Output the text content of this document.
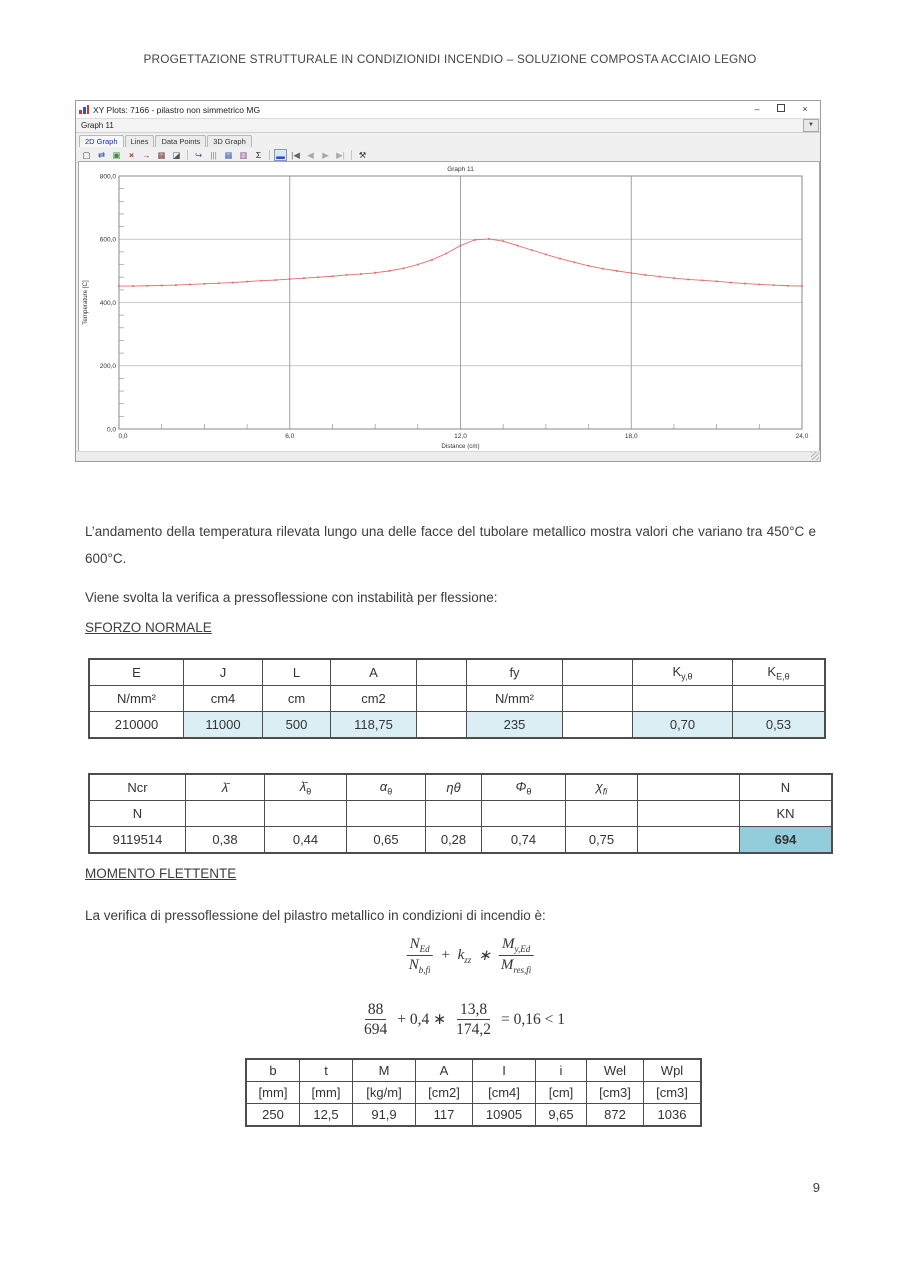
PROGETTAZIONE STRUTTURALE IN CONDIZIONIDI INCENDIO – SOLUZIONE COMPOSTA ACCIAIO LEGNO
XY Plots: 7166 - pilastro non simmetrico MG	–	×
Graph 11	▼
2D Graph	Lines	Data Points	3D Graph
▢ ⇄ ▣	× → ▦ ◪	↪ ||| ▦ ▥ Σ	▬ |◀ ◀ ▶ ▶|	⚒
0,0
200,0
400,0
600,0
800,0
0,0	6,0	12,0	18,0	24,0
Graph 11
Distance (cm)
Temperature [C]
L’andamento della temperatura rilevata lungo una delle facce del tubolare metallico mostra valori che variano tra 450°C e 600°C.
Viene svolta la verifica a pressoflessione con instabilità per flessione:
SFORZO NORMALE
E	J	L	A		fy		$K_{y,\theta}$	$K_{E,\theta}$
N/mm²	cm4	cm	cm2		N/mm²			
210000	11000	500	118,75		235		0,70	0,53
Ncr	λ̄	$\lambdā_\theta$	$\alpha_\theta$	ηθ	$\Phi_\theta$	$\chi_{fi}$		N
N								KN
9119514	0,38	0,44	0,65	0,28	0,74	0,75		694
MOMENTO FLETTENTE
La verifica di pressoflessione del pilastro metallico in condizioni di incendio è:
$\frac{N_{Ed}}{N_{b,fi}} + k_{zz}$ ∗ $\frac{M_{y,Ed}}{M_{res,fi}}$
$\frac{88}{694} + 0,4$ ∗ $\frac{13,8}{174,2} = 0,16 < 1$
b	t	M	A	I	i	Wel	Wpl
[mm]	[mm]	[kg/m]	[cm2]	[cm4]	[cm]	[cm3]	[cm3]
250	12,5	91,9	117	10905	9,65	872	1036
9
